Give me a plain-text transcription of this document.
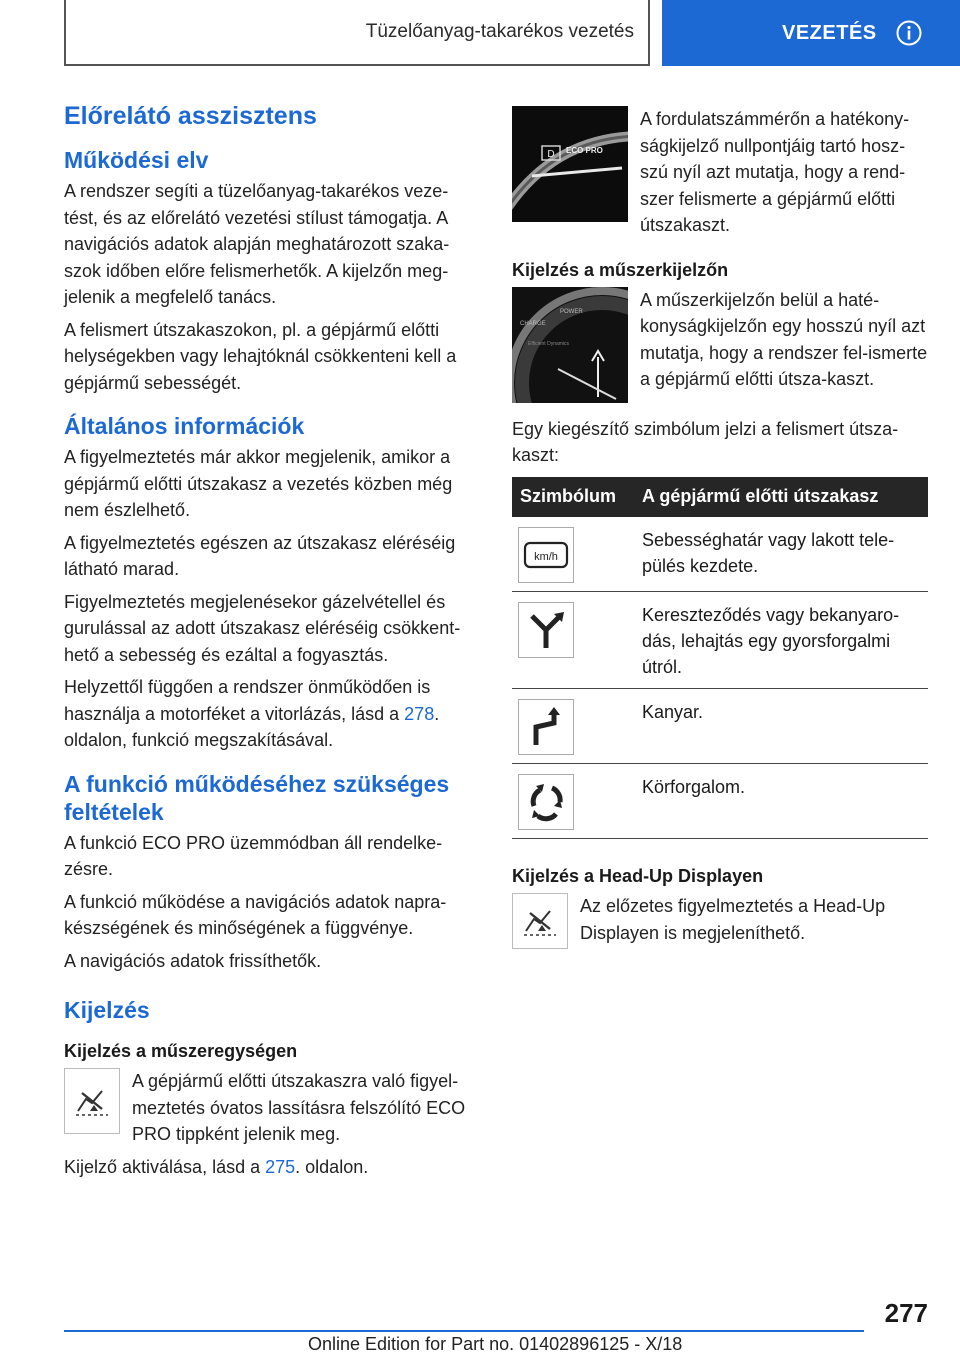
Tüzelőanyag-takarékos vezetés	VEZETÉS
Előrelátó asszisztens
Működési elv

A rendszer segíti a tüzelőanyag-takarékos veze-tést, és az előrelátó vezetési stílust támogatja. A navigációs adatok alapján meghatározott szaka-szok időben előre felismerhetők. A kijelzőn meg-jelenik a megfelelő tanács.

A felismert útszakaszokon, pl. a gépjármű előtti helységekben vagy lehajtóknál csökkenteni kell a gépjármű sebességét.

Általános információk

A figyelmeztetés már akkor megjelenik, amikor a gépjármű előtti útszakasz a vezetés közben még nem észlelhető.

A figyelmeztetés egészen az útszakasz eléréséig látható marad.

Figyelmeztetés megjelenésekor gázelvétellel és gurulással az adott útszakasz eléréséig csökkent-hető a sebesség és ezáltal a fogyasztás.

Helyzettől függően a rendszer önműködően is használja a motorféket a vitorlázás, lásd a 278. oldalon, funkció megszakításával.

A funkció működéséhez szükséges feltételek

A funkció ECO PRO üzemmódban áll rendelke-zésre.

A funkció működése a navigációs adatok napra-készségének és minőségének a függvénye.

A navigációs adatok frissíthetők.

Kijelzés
Kijelzés a műszeregységen

A gépjármű előtti útszakaszra való figyel-meztetés óvatos lassításra felszólító ECO PRO tippként jelenik meg.

Kijelző aktiválása, lásd a 275. oldalon.

D ECO PRO

A fordulatszámmérőn a hatékony-ságkijelző nullpontjáig tartó hosz-szú nyíl azt mutatja, hogy a rend-szer felismerte a gépjármű előtti útszakaszt.

Kijelzés a műszerkijelzőn
CHARGE
POWER
Efficient Dynamics

A műszerkijelzőn belül a haté-konyságkijelzőn egy hosszú nyíl azt mutatja, hogy a rendszer fel-ismerte a gépjármű előtti útsza-kaszt.

Egy kiegészítő szimbólum jelzi a felismert útsza-kaszt:

Szimbólum	A gépjármű előtti útszakasz

km/h	Sebességhatár vagy lakott tele-pülés kezdete.

	Kereszteződés vagy bekanyaro-dás, lehajtás egy gyorsforgalmi útról.

	Kanyar.

	Körforgalom.
Kijelzés a Head-Up Displayen

Az előzetes figyelmeztetés a Head-Up Displayen is megjeleníthető.

277
Online Edition for Part no. 01402896125 - X/18
